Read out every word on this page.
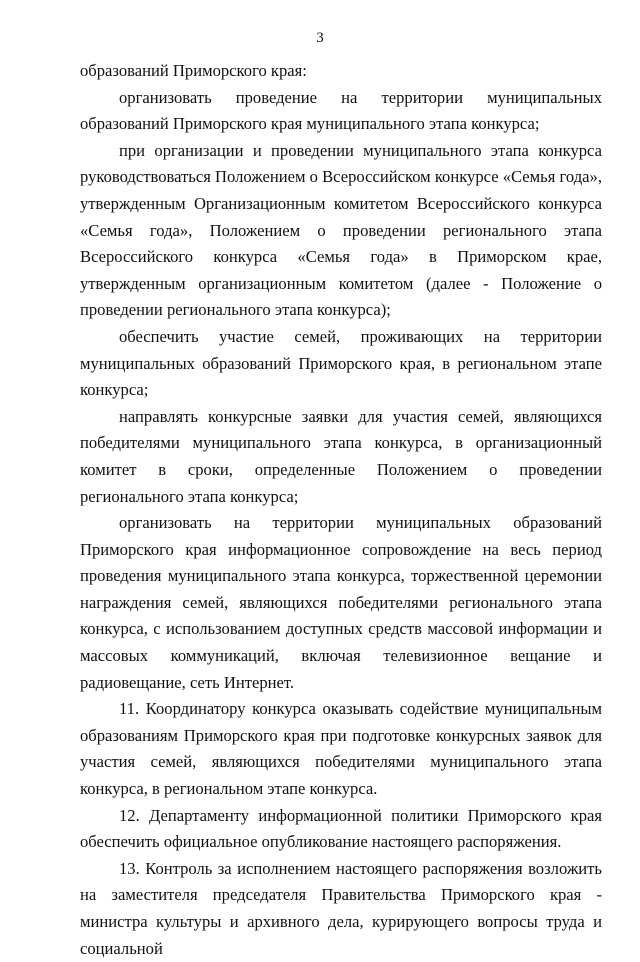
3

образований Приморского края:

организовать проведение на территории муниципальных образований Приморского края муниципального этапа конкурса;

при организации и проведении муниципального этапа конкурса руководствоваться Положением о Всероссийском конкурсе «Семья года», утвержденным Организационным комитетом Всероссийского конкурса «Семья года», Положением о проведении регионального этапа Всероссийского конкурса «Семья года» в Приморском крае, утвержденным организационным комитетом (далее - Положение о проведении регионального этапа конкурса);

обеспечить участие семей, проживающих на территории муниципальных образований Приморского края, в региональном этапе конкурса;

направлять конкурсные заявки для участия семей, являющихся победителями муниципального этапа конкурса, в организационный комитет в сроки, определенные Положением о проведении регионального этапа конкурса;

организовать на территории муниципальных образований Приморского края информационное сопровождение на весь период проведения муниципального этапа конкурса, торжественной церемонии награждения семей, являющихся победителями регионального этапа конкурса, с использованием доступных средств массовой информации и массовых коммуникаций, включая телевизионное вещание и радиовещание, сеть Интернет.

11. Координатору конкурса оказывать содействие муниципальным образованиям Приморского края при подготовке конкурсных заявок для участия семей, являющихся победителями муниципального этапа конкурса, в региональном этапе конкурса.

12. Департаменту информационной политики Приморского края обеспечить официальное опубликование настоящего распоряжения.

13. Контроль за исполнением настоящего распоряжения возложить на заместителя председателя Правительства Приморского края - министра культуры и архивного дела, курирующего вопросы труда и социальной
